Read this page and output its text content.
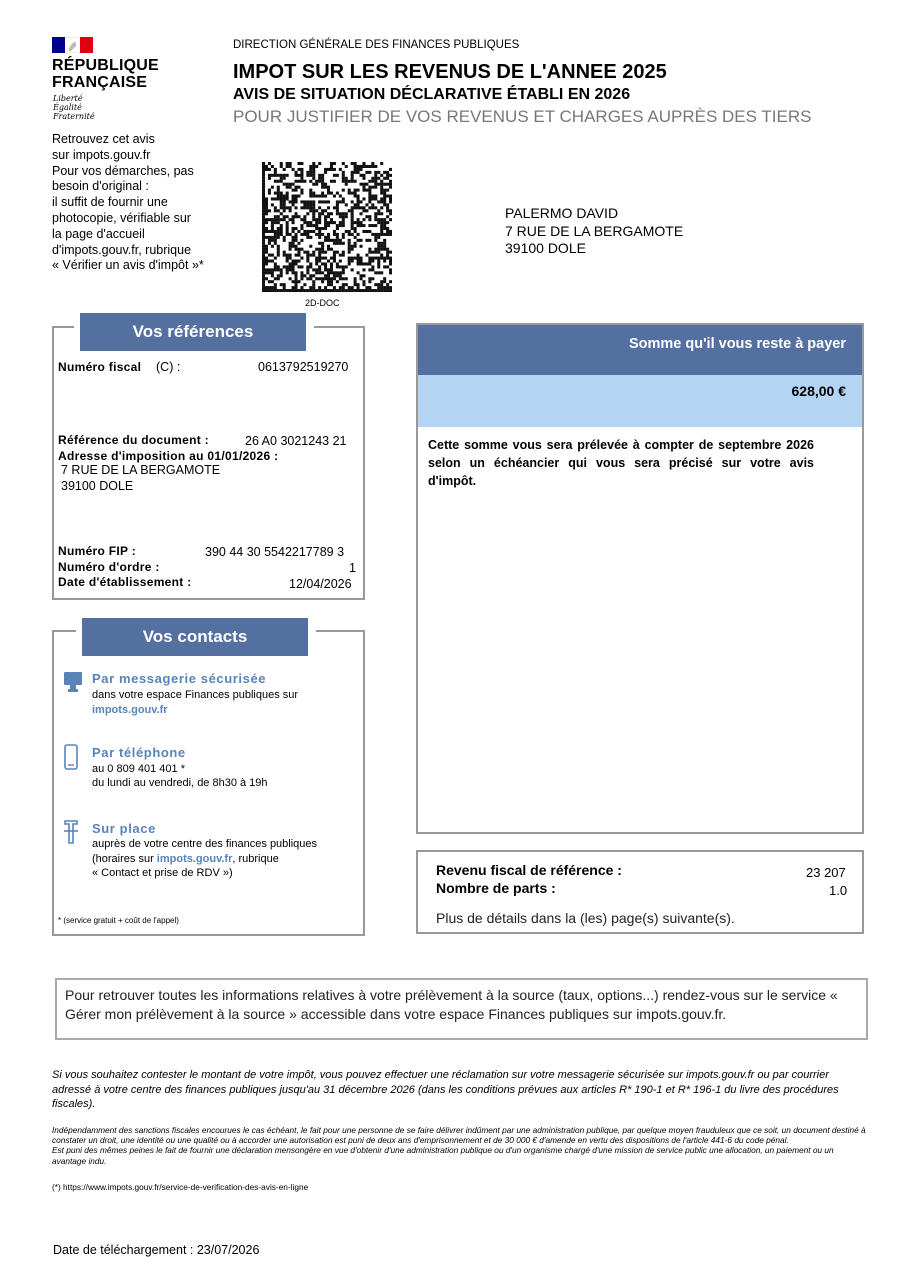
RÉPUBLIQUE
FRANÇAISE
Liberté
Égalité
Fraternité
Retrouvez cet avis
sur impots.gouv.fr
Pour vos démarches, pas
besoin d'original :
il suffit de fournir une
photocopie, vérifiable sur
la page d'accueil
d'impots.gouv.fr, rubrique
« Vérifier un avis d'impôt »*
DIRECTION GÉNÉRALE DES FINANCES PUBLIQUES
IMPOT SUR LES REVENUS DE L'ANNEE 2025
AVIS DE SITUATION DÉCLARATIVE ÉTABLI EN 2026
POUR JUSTIFIER DE VOS REVENUS ET CHARGES AUPRÈS DES TIERS
2D-DOC
PALERMO DAVID
7 RUE DE LA BERGAMOTE
39100 DOLE
Vos références
Numéro fiscal (C) :	0613792519270
Référence du document :	26 A0 3021243 21
Adresse d'imposition au 01/01/2026 :
7 RUE DE LA BERGAMOTE
39100 DOLE
Numéro FIP :	390 44 30 5542217789 3
Numéro d'ordre :	1
Date d'établissement :	12/04/2026
Vos contacts
Par messagerie sécurisée
dans votre espace Finances publiques sur
impots.gouv.fr
Par téléphone
au 0 809 401 401 *
du lundi au vendredi, de 8h30 à 19h
Sur place
auprès de votre centre des finances publiques
(horaires sur impots.gouv.fr, rubrique
« Contact et prise de RDV »)
* (service gratuit + coût de l'appel)
Somme qu'il vous reste à payer
628,00 €
Cette somme vous sera prélevée à compter de septembre 2026 selon un échéancier qui vous sera précisé sur votre avis d'impôt.
Revenu fiscal de référence :	23 207
Nombre de parts :	1.0
Plus de détails dans la (les) page(s) suivante(s).
Pour retrouver toutes les informations relatives à votre prélèvement à la source (taux, options...) rendez-vous sur le service « Gérer mon prélèvement à la source » accessible dans votre espace Finances publiques sur impots.gouv.fr.
Si vous souhaitez contester le montant de votre impôt, vous pouvez effectuer une réclamation sur votre messagerie sécurisée sur impots.gouv.fr ou par courrier adressé à votre centre des finances publiques jusqu'au 31 décembre 2026 (dans les conditions prévues aux articles R* 190-1 et R* 196-1 du livre des procédures fiscales).
Indépendamment des sanctions fiscales encourues le cas échéant, le fait pour une personne de se faire délivrer indûment par une administration publique, par quelque moyen frauduleux que ce soit, un document destiné à constater un droit, une identité ou une qualité ou à accorder une autorisation est puni de deux ans d'emprisonnement et de 30 000 € d'amende en vertu des dispositions de l'article 441-6 du code pénal.
Est puni des mêmes peines le fait de fournir une déclaration mensongère en vue d'obtenir d'une administration publique ou d'un organisme chargé d'une mission de service public une allocation, un paiement ou un avantage indu.
(*) https://www.impots.gouv.fr/service-de-verification-des-avis-en-ligne
Date de téléchargement : 23/07/2026
